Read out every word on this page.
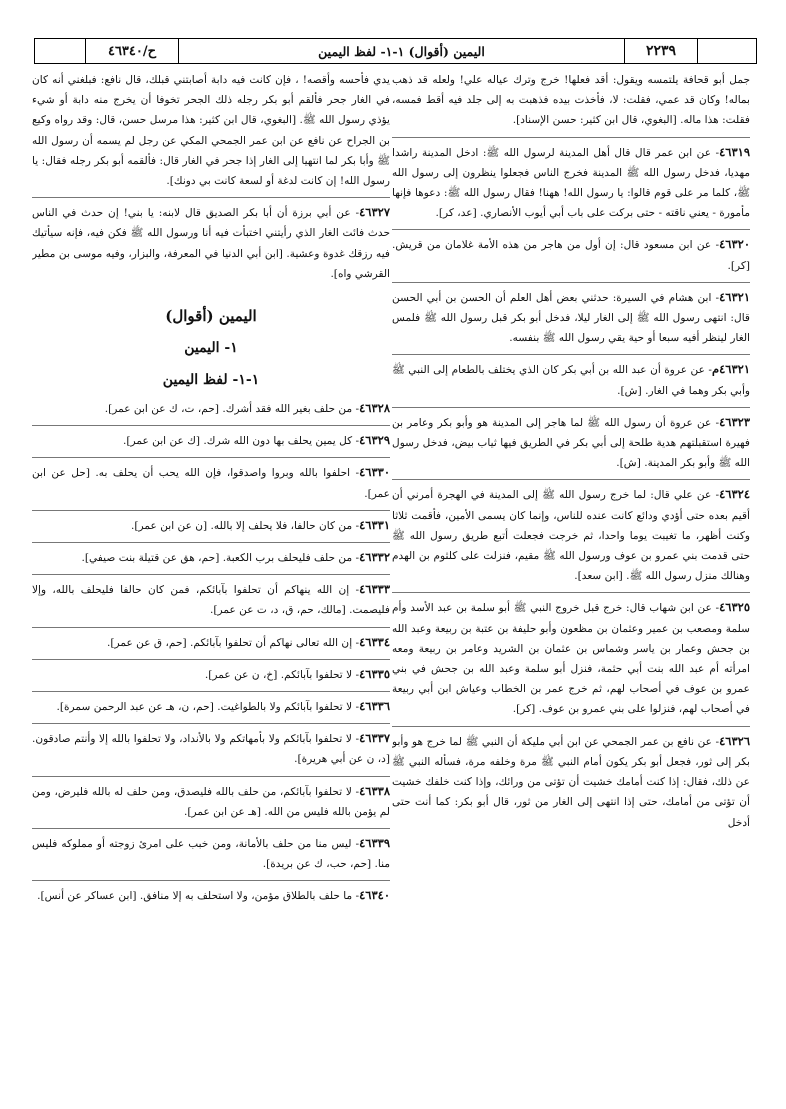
٢٢٣٩
اليمين (أقوال) ١-١- لفظ اليمين
ح/٤٦٣٤٠

جمل أبو قحافة يلتمسه ويقول: أقد فعلها! خرج وترك عياله علي! ولعله قد ذهب بماله! وكان قد عمي، فقلت: لا، فأخذت بيده فذهبت به إلى جلد فيه أقط فمسه، فقلت: هذا ماله. [البغوي، قال ابن كثير: حسن الإسناد].

٤٦٣١٩- عن ابن عمر قال قال أهل المدينة لرسول الله ﷺ: ادخل المدينة راشدا مهديا، فدخل رسول الله ﷺ المدينة فخرج الناس فجعلوا ينظرون إلى رسول الله ﷺ، كلما مر على قوم قالوا: يا رسول الله! ههنا! فقال رسول الله ﷺ: دعوها فإنها مأمورة - يعني ناقته - حتى بركت على باب أبي أيوب الأنصاري. [عد، كر].

٤٦٣٢٠- عن ابن مسعود قال: إن أول من هاجر من هذه الأمة غلامان من قريش. [كر].

٤٦٣٢١- ابن هشام في السيرة: حدثني بعض أهل العلم أن الحسن بن أبي الحسن قال: انتهى رسول الله ﷺ إلى الغار ليلا، فدخل أبو بكر قبل رسول الله ﷺ فلمس الغار لينظر أفيه سبعا أو حية يقي رسول الله ﷺ بنفسه.

٤٦٣٢١م- عن عروة أن عبد الله بن أبي بكر كان الذي يختلف بالطعام إلى النبي ﷺ وأبي بكر وهما في الغار. [ش].

٤٦٣٢٣- عن عروة أن رسول الله ﷺ لما هاجر إلى المدينة هو وأبو بكر وعامر بن فهيرة استقبلتهم هدية طلحة إلى أبي بكر في الطريق فيها ثياب بيض، فدخل رسول الله ﷺ وأبو بكر المدينة. [ش].

٤٦٣٢٤- عن علي قال: لما خرج رسول الله ﷺ إلى المدينة في الهجرة أمرني أن أقيم بعده حتى أؤدي ودائع كانت عنده للناس، وإنما كان يسمى الأمين، فأقمت ثلاثا وكنت أظهر، ما تغيبت يوما واحدا، ثم خرجت فجعلت أتبع طريق رسول الله ﷺ حتى قدمت بني عمرو بن عوف ورسول الله ﷺ مقيم، فنزلت على كلثوم بن الهدم وهنالك منزل رسول الله ﷺ. [ابن سعد].

٤٦٣٢٥- عن ابن شهاب قال: خرج قبل خروج النبي ﷺ أبو سلمة بن عبد الأسد وأم سلمة ومصعب بن عمير وعثمان بن مظعون وأبو حليفة بن عتبة بن ربيعة وعبد الله بن جحش وعمار بن ياسر وشماس بن عثمان بن الشريد وعامر بن ربيعة ومعه امرأته أم عبد الله بنت أبي حثمة، فنزل أبو سلمة وعبد الله بن جحش في بني عمرو بن عوف في أصحاب لهم، ثم خرج عمر بن الخطاب وعياش ابن أبي ربيعة في أصحاب لهم، فنزلوا على بني عمرو بن عوف. [كر].

٤٦٣٢٦- عن نافع بن عمر الجمحي عن ابن أبي مليكة أن النبي ﷺ لما خرج هو وأبو بكر إلى ثور، فجعل أبو بكر يكون أمام النبي ﷺ مرة وخلفه مرة، فسأله النبي ﷺ عن ذلك، فقال: إذا كنت أمامك خشيت أن تؤتى من ورائك، وإذا كنت خلفك خشيت أن تؤتى من أمامك، حتى إذا انتهى إلى الغار من ثور، قال أبو بكر: كما أنت حتى أدخل

يدي فأحسه وأقصه! ، فإن كانت فيه دابة أصابتني قبلك، قال نافع: فبلغني أنه كان في الغار جحر فألقم أبو بكر رجله ذلك الجحر تخوفا أن يخرج منه دابة أو شيء يؤذي رسول الله ﷺ. [البغوي، قال ابن كثير: هذا مرسل حسن، قال: وقد رواه وكيع بن الجراح عن نافع عن ابن عمر الجمحي المكي عن رجل لم يسمه أن رسول الله ﷺ وأبا بكر لما انتهيا إلى الغار إذا جحر في الغار قال: فألقمه أبو بكر رجله فقال: يا رسول الله! إن كانت لدغة أو لسعة كانت بي دونك].

٤٦٣٢٧- عن أبي برزة أن أبا بكر الصديق قال لابنه: يا بني! إن حدث في الناس حدث فائت الغار الذي رأيتني اختبأت فيه أنا ورسول الله ﷺ فكن فيه، فإنه سيأتيك فيه رزقك غدوة وعشية. [ابن أبي الدنيا في المعرفة، والبزار، وفيه موسى بن مطير القرشي واه].

اليمين (أقوال)
١- اليمين
١-١- لفظ اليمين

٤٦٣٢٨- من حلف بغير الله فقد أشرك. [حم، ت، ك عن ابن عمر].

٤٦٣٢٩- كل يمين يحلف بها دون الله شرك. [ك عن ابن عمر].

٤٦٣٣٠- احلفوا بالله وبروا واصدقوا، فإن الله يحب أن يحلف به. [حل عن ابن عمر].

٤٦٣٣١- من كان حالفا، فلا يحلف إلا بالله. [ن عن ابن عمر].

٤٦٣٣٢- من حلف فليحلف برب الكعبة. [حم، هق عن قتيلة بنت صيفي].

٤٦٣٣٣- إن الله ينهاكم أن تحلفوا بآبائكم، فمن كان حالفا فليحلف بالله، وإلا فليصمت. [مالك، حم، ق، د، ت عن عمر].

٤٦٣٣٤- إن الله تعالى نهاكم أن تحلفوا بآبائكم. [حم، ق عن عمر].

٤٦٣٣٥- لا تحلفوا بآبائكم. [خ، ن عن عمر].

٤٦٣٣٦- لا تحلفوا بآبائكم ولا بالطواغيت. [حم، ن، هـ عن عبد الرحمن سمرة].

٤٦٣٣٧- لا تحلفوا بآبائكم ولا بأمهاتكم ولا بالأنداد، ولا تحلفوا بالله إلا وأنتم صادقون. [د، ن عن أبي هريرة].

٤٦٣٣٨- لا تحلفوا بآبائكم، من حلف بالله فليصدق، ومن حلف له بالله فليرض، ومن لم يؤمن بالله فليس من الله. [هـ عن ابن عمر].

٤٦٣٣٩- ليس منا من حلف بالأمانة، ومن خبب على امرئ زوجته أو مملوكه فليس منا. [حم، حب، ك عن بريدة].

٤٦٣٤٠- ما حلف بالطلاق مؤمن، ولا استحلف به إلا منافق. [ابن عساكر عن أنس].
